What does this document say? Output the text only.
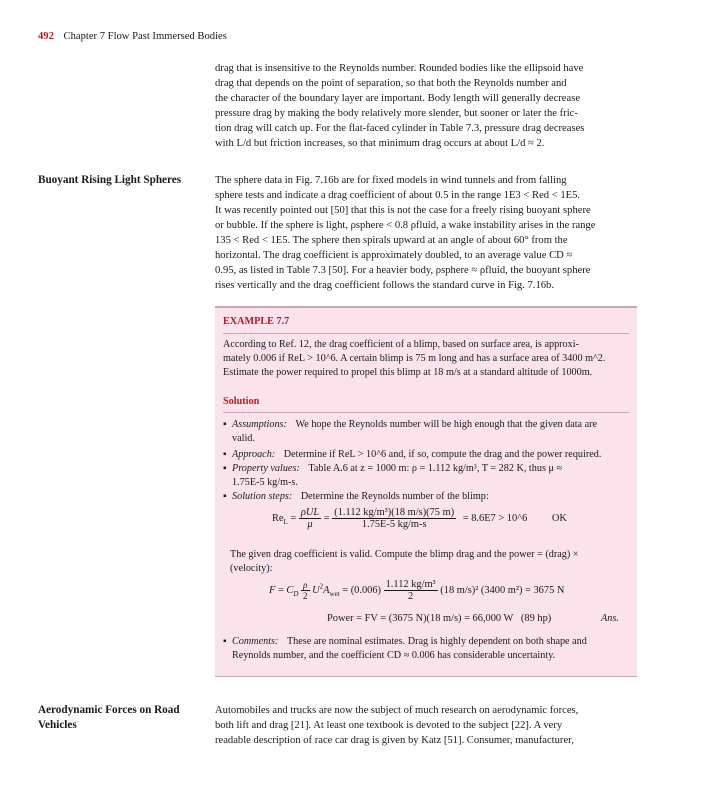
492 Chapter 7 Flow Past Immersed Bodies
drag that is insensitive to the Reynolds number. Rounded bodies like the ellipsoid have
drag that depends on the point of separation, so that both the Reynolds number and
the character of the boundary layer are important. Body length will generally decrease
pressure drag by making the body relatively more slender, but sooner or later the fric-
tion drag will catch up. For the flat-faced cylinder in Table 7.3, pressure drag decreases
with L/d but friction increases, so that minimum drag occurs at about L/d ≈ 2.
Buoyant Rising Light Spheres	The sphere data in Fig. 7.16b are for fixed models in wind tunnels and from falling
sphere tests and indicate a drag coefficient of about 0.5 in the range 1E3 < Red < 1E5.
It was recently pointed out [50] that this is not the case for a freely rising buoyant sphere
or bubble. If the sphere is light, ρsphere < 0.8 ρfluid, a wake instability arises in the range
135 < Red < 1E5. The sphere then spirals upward at an angle of about 60° from the
horizontal. The drag coefficient is approximately doubled, to an average value CD ≈
0.95, as listed in Table 7.3 [50]. For a heavier body, ρsphere ≈ ρfluid, the buoyant sphere
rises vertically and the drag coefficient follows the standard curve in Fig. 7.16b.
EXAMPLE 7.7
According to Ref. 12, the drag coefficient of a blimp, based on surface area, is approxi-
mately 0.006 if ReL > 10^6. A certain blimp is 75 m long and has a surface area of 3400 m^2.
Estimate the power required to propel this blimp at 18 m/s at a standard altitude of 1000m.
Solution
▪ Assumptions: We hope the Reynolds number will be high enough that the given data are
valid.
▪ Approach: Determine if ReL > 10^6 and, if so, compute the drag and the power required.
▪ Property values: Table A.6 at z = 1000 m: ρ = 1.112 kg/m³, T = 282 K, thus μ ≈
1.75E-5 kg/m-s.
▪ Solution steps: Determine the Reynolds number of the blimp:
$Re_L = \frac{\text{ρUL}}{\mu} = \frac{\text{(1.112 kg/m³)(18 m/s)(75 m)}}{1.75E-5 kg/m-s} = 8.6E7$ > 10^6 OK
The given drag coefficient is valid. Compute the blimp drag and the power = (drag) ×
(velocity):
$F = C_D \frac{\rho}{2} U^2A_{wet} = (0.006) \frac{\text{1.112 kg/m³}}{2} (18$ m/s)² (3400 m²) = 3675 N
Power = FV = (3675 N)(18 m/s) = 66,000 W   (89 hp)	Ans.
▪ Comments: These are nominal estimates. Drag is highly dependent on both shape and
Reynolds number, and the coefficient CD ≈ 0.006 has considerable uncertainty.
Aerodynamic Forces on Road
Vehicles
Automobiles and trucks are now the subject of much research on aerodynamic forces,
both lift and drag [21]. At least one textbook is devoted to the subject [22]. A very
readable description of race car drag is given by Katz [51]. Consumer, manufacturer,
